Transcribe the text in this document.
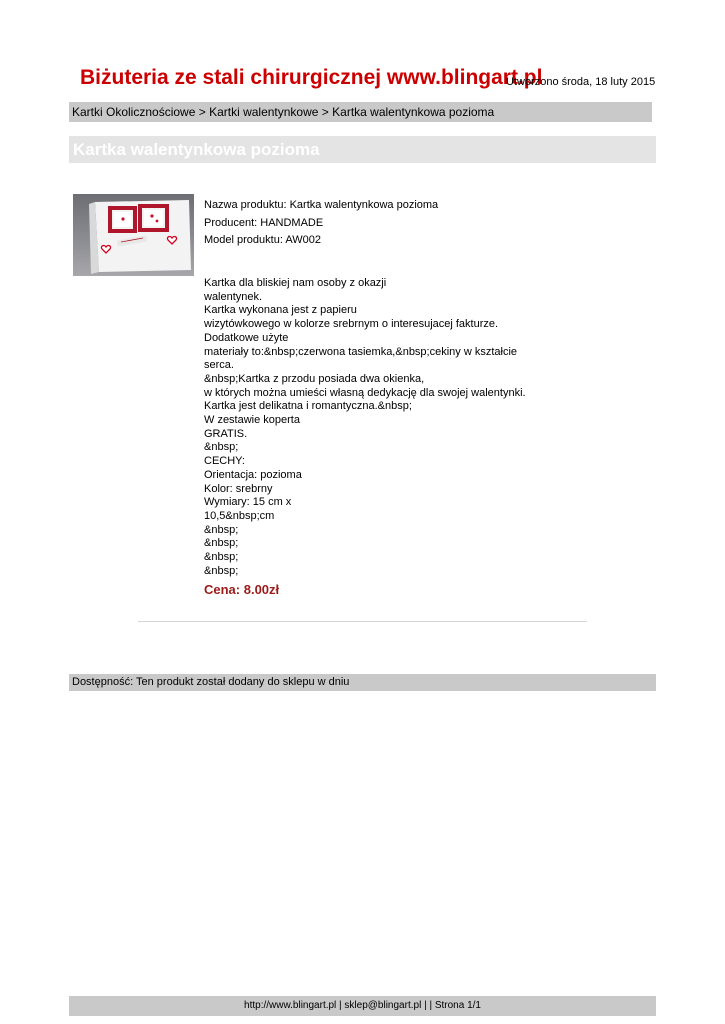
Biżuteria ze stali chirurgicznej www.blingart.pl
Utworzono środa, 18 luty 2015
Kartki Okolicznościowe > Kartki walentynkowe > Kartka walentynkowa pozioma
Kartka walentynkowa pozioma
Nazwa produktu: Kartka walentynkowa pozioma
Producent: HANDMADE
Model produktu: AW002
Kartka dla bliskiej nam osoby z okazji
walentynek.
Kartka wykonana jest z papieru
wizytówkowego w kolorze srebrnym o interesujacej fakturze.
Dodatkowe użyte
materiały to:&nbsp;czerwona tasiemka,&nbsp;cekiny w kształcie
serca.
&nbsp;Kartka z przodu posiada dwa okienka,
w których można umieści własną dedykację dla swojej walentynki.
Kartka jest delikatna i romantyczna.&nbsp;
W zestawie koperta
GRATIS.
&nbsp;
CECHY:
Orientacja: pozioma
Kolor: srebrny
Wymiary: 15 cm x
10,5&nbsp;cm
&nbsp;
&nbsp;
&nbsp;
&nbsp;
Cena: 8.00zł
Dostępność: Ten produkt został dodany do sklepu w dniu
http://www.blingart.pl | sklep@blingart.pl | | Strona 1/1
